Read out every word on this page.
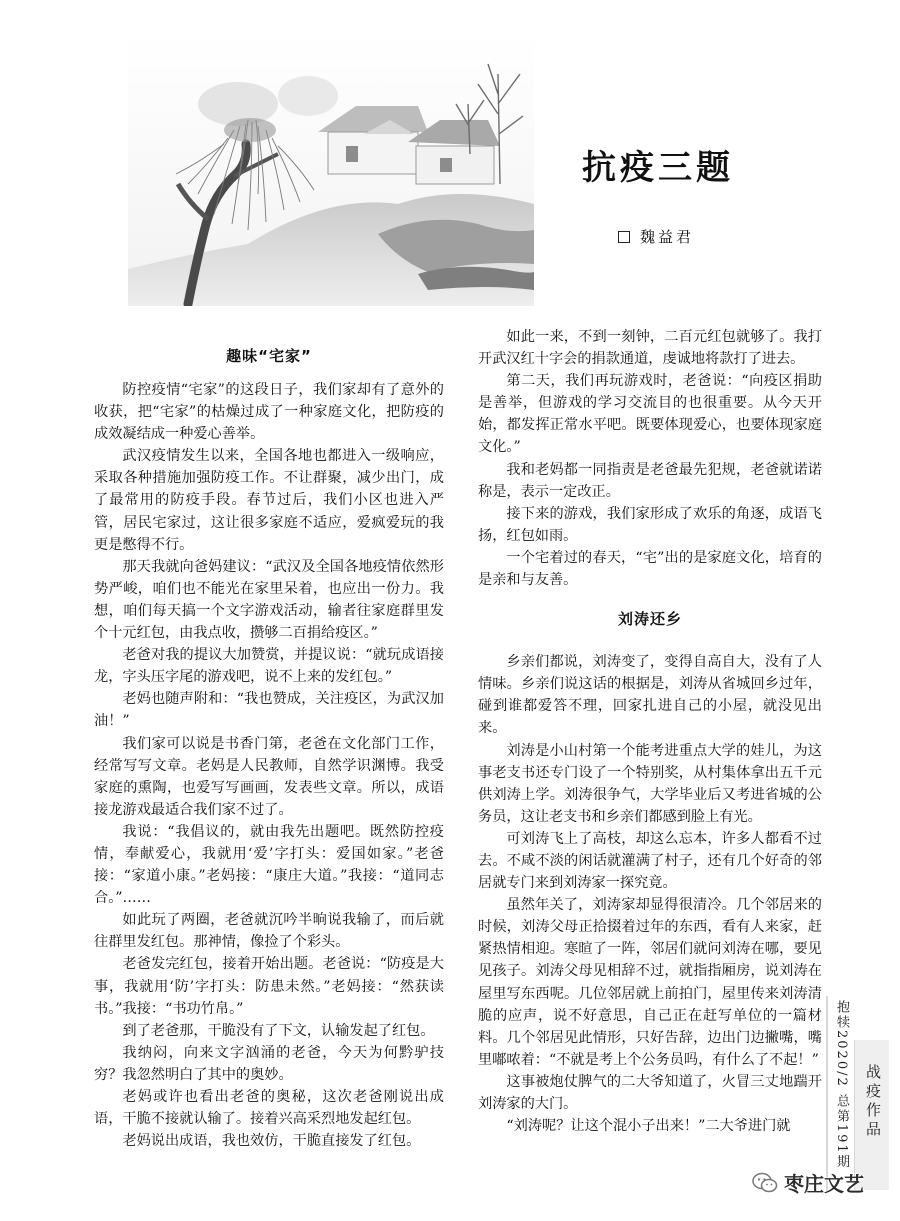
抗疫三题
魏益君
趣味“宅家”

防控疫情“宅家”的这段日子，我们家却有了意外的收获，把“宅家”的枯燥过成了一种家庭文化，把防疫的成效凝结成一种爱心善举。

武汉疫情发生以来，全国各地也都进入一级响应，采取各种措施加强防疫工作。不让群聚，减少出门，成了最常用的防疫手段。春节过后，我们小区也进入严管，居民宅家过，这让很多家庭不适应，爱疯爱玩的我更是憋得不行。

那天我就向爸妈建议：“武汉及全国各地疫情依然形势严峻，咱们也不能光在家里呆着，也应出一份力。我想，咱们每天搞一个文字游戏活动，输者往家庭群里发个十元红包，由我点收，攒够二百捐给疫区。”

老爸对我的提议大加赞赏，并提议说：“就玩成语接龙，字头压字尾的游戏吧，说不上来的发红包。”

老妈也随声附和：“我也赞成，关注疫区，为武汉加油！”

我们家可以说是书香门第，老爸在文化部门工作，经常写写文章。老妈是人民教师，自然学识渊博。我受家庭的熏陶，也爱写写画画，发表些文章。所以，成语接龙游戏最适合我们家不过了。

我说：“我倡议的，就由我先出题吧。既然防控疫情，奉献爱心，我就用‘爱’字打头：爱国如家。”老爸接：“家道小康。”老妈接：“康庄大道。”我接：“道同志合。”……

如此玩了两圈，老爸就沉吟半晌说我输了，而后就往群里发红包。那神情，像捡了个彩头。

老爸发完红包，接着开始出题。老爸说：“防疫是大事，我就用‘防’字打头：防患未然。”老妈接：“然获读书。”我接：“书功竹帛。”

到了老爸那，干脆没有了下文，认输发起了红包。

我纳闷，向来文字汹涌的老爸，今天为何黔驴技穷？我忽然明白了其中的奥妙。

老妈或许也看出老爸的奥秘，这次老爸刚说出成语，干脆不接就认输了。接着兴高采烈地发起红包。

老妈说出成语，我也效仿，干脆直接发了红包。

如此一来，不到一刻钟，二百元红包就够了。我打开武汉红十字会的捐款通道，虔诚地将款打了进去。

第二天，我们再玩游戏时，老爸说：“向疫区捐助是善举，但游戏的学习交流目的也很重要。从今天开始，都发挥正常水平吧。既要体现爱心，也要体现家庭文化。”

我和老妈都一同指责是老爸最先犯规，老爸就诺诺称是，表示一定改正。

接下来的游戏，我们家形成了欢乐的角逐，成语飞扬，红包如雨。

一个宅着过的春天，“宅”出的是家庭文化，培育的是亲和与友善。

刘涛还乡

乡亲们都说，刘涛变了，变得自高自大，没有了人情味。乡亲们说这话的根据是，刘涛从省城回乡过年，碰到谁都爱答不理，回家扎进自己的小屋，就没见出来。

刘涛是小山村第一个能考进重点大学的娃儿，为这事老支书还专门设了一个特别奖，从村集体拿出五千元供刘涛上学。刘涛很争气，大学毕业后又考进省城的公务员，这让老支书和乡亲们都感到脸上有光。

可刘涛飞上了高枝，却这么忘本，许多人都看不过去。不咸不淡的闲话就灌满了村子，还有几个好奇的邻居就专门来到刘涛家一探究竟。

虽然年关了，刘涛家却显得很清冷。几个邻居来的时候，刘涛父母正拾掇着过年的东西，看有人来家，赶紧热情相迎。寒暄了一阵，邻居们就问刘涛在哪，要见见孩子。刘涛父母见相辞不过，就指指厢房，说刘涛在屋里写东西呢。几位邻居就上前拍门，屋里传来刘涛清脆的应声，说不好意思，自己正在赶写单位的一篇材料。几个邻居见此情形，只好告辞，边出门边撇嘴，嘴里嘟哝着：“不就是考上个公务员吗，有什么了不起！”

这事被炮仗脾气的二大爷知道了，火冒三丈地踹开刘涛家的大门。

“刘涛呢？让这个混小子出来！”二大爷进门就	抱犊2020/2 总第191期 战疫作品
枣庄文艺
